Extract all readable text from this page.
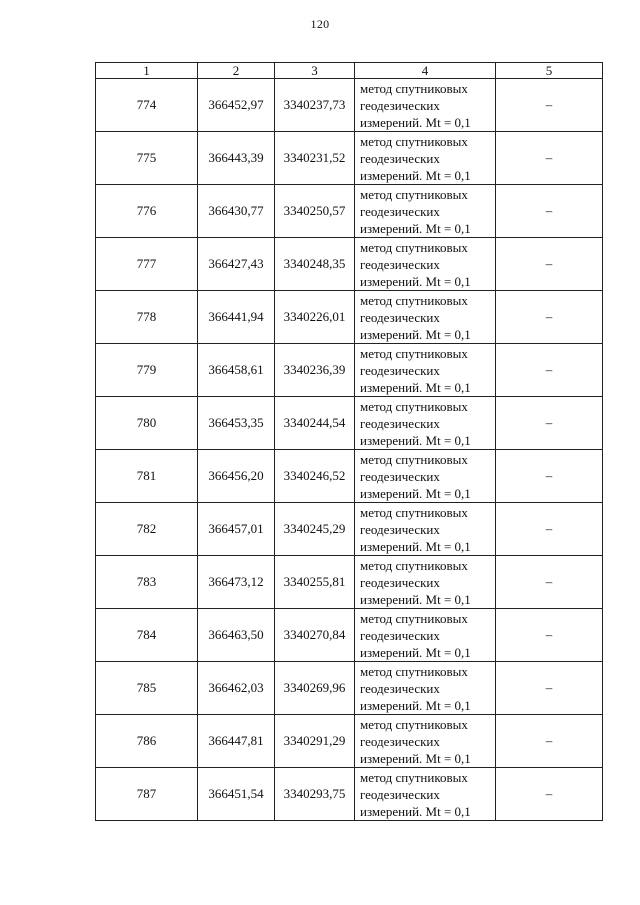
120
1	2	3	4	5
774	366452,97	3340237,73	метод спутниковых
геодезических
измерений. Mt = 0,1	–
775	366443,39	3340231,52	метод спутниковых
геодезических
измерений. Mt = 0,1	–
776	366430,77	3340250,57	метод спутниковых
геодезических
измерений. Mt = 0,1	–
777	366427,43	3340248,35	метод спутниковых
геодезических
измерений. Mt = 0,1	–
778	366441,94	3340226,01	метод спутниковых
геодезических
измерений. Mt = 0,1	–
779	366458,61	3340236,39	метод спутниковых
геодезических
измерений. Mt = 0,1	–
780	366453,35	3340244,54	метод спутниковых
геодезических
измерений. Mt = 0,1	–
781	366456,20	3340246,52	метод спутниковых
геодезических
измерений. Mt = 0,1	–
782	366457,01	3340245,29	метод спутниковых
геодезических
измерений. Mt = 0,1	–
783	366473,12	3340255,81	метод спутниковых
геодезических
измерений. Mt = 0,1	–
784	366463,50	3340270,84	метод спутниковых
геодезических
измерений. Mt = 0,1	–
785	366462,03	3340269,96	метод спутниковых
геодезических
измерений. Mt = 0,1	–
786	366447,81	3340291,29	метод спутниковых
геодезических
измерений. Mt = 0,1	–
787	366451,54	3340293,75	метод спутниковых
геодезических
измерений. Mt = 0,1	–
